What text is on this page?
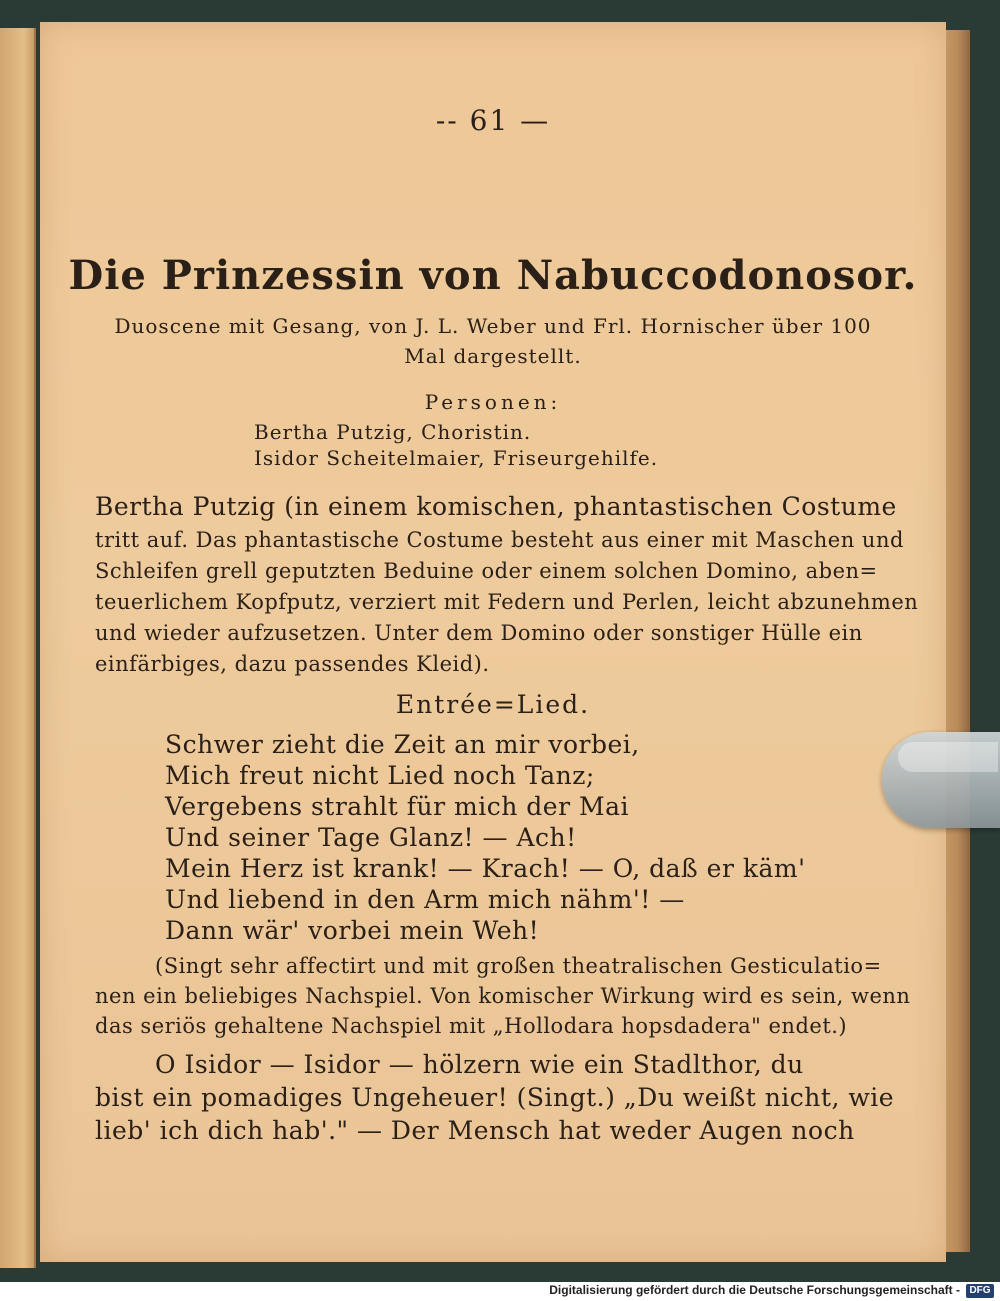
-- 61 —
Die Prinzessin von Nabuccodonosor.
Duoscene mit Gesang, von J. L. Weber und Frl. Hornischer über 100
Mal dargestellt.
Personen:
Bertha Putzig, Choristin.
Isidor Scheitelmaier, Friseurgehilfe.
Bertha Putzig (in einem komischen, phantastischen Costume
tritt auf. Das phantastische Costume besteht aus einer mit Maschen und
Schleifen grell geputzten Beduine oder einem solchen Domino, aben=
teuerlichem Kopfputz, verziert mit Federn und Perlen, leicht abzunehmen
und wieder aufzusetzen. Unter dem Domino oder sonstiger Hülle ein
einfärbiges, dazu passendes Kleid).
Entrée=Lied.
Schwer zieht die Zeit an mir vorbei,
Mich freut nicht Lied noch Tanz;
Vergebens strahlt für mich der Mai
Und seiner Tage Glanz! — Ach!
Mein Herz ist krank! — Krach! — O, daß er käm'
Und liebend in den Arm mich nähm'! —
Dann wär' vorbei mein Weh!
(Singt sehr affectirt und mit großen theatralischen Gesticulatio=
nen ein beliebiges Nachspiel. Von komischer Wirkung wird es sein, wenn
das seriös gehaltene Nachspiel mit „Hollodara hopsdadera" endet.)
O Isidor — Isidor — hölzern wie ein Stadlthor, du
bist ein pomadiges Ungeheuer! (Singt.) „Du weißt nicht, wie
lieb' ich dich hab'." — Der Mensch hat weder Augen noch
Digitalisierung gefördert durch die Deutsche Forschungsgemeinschaft - DFG
